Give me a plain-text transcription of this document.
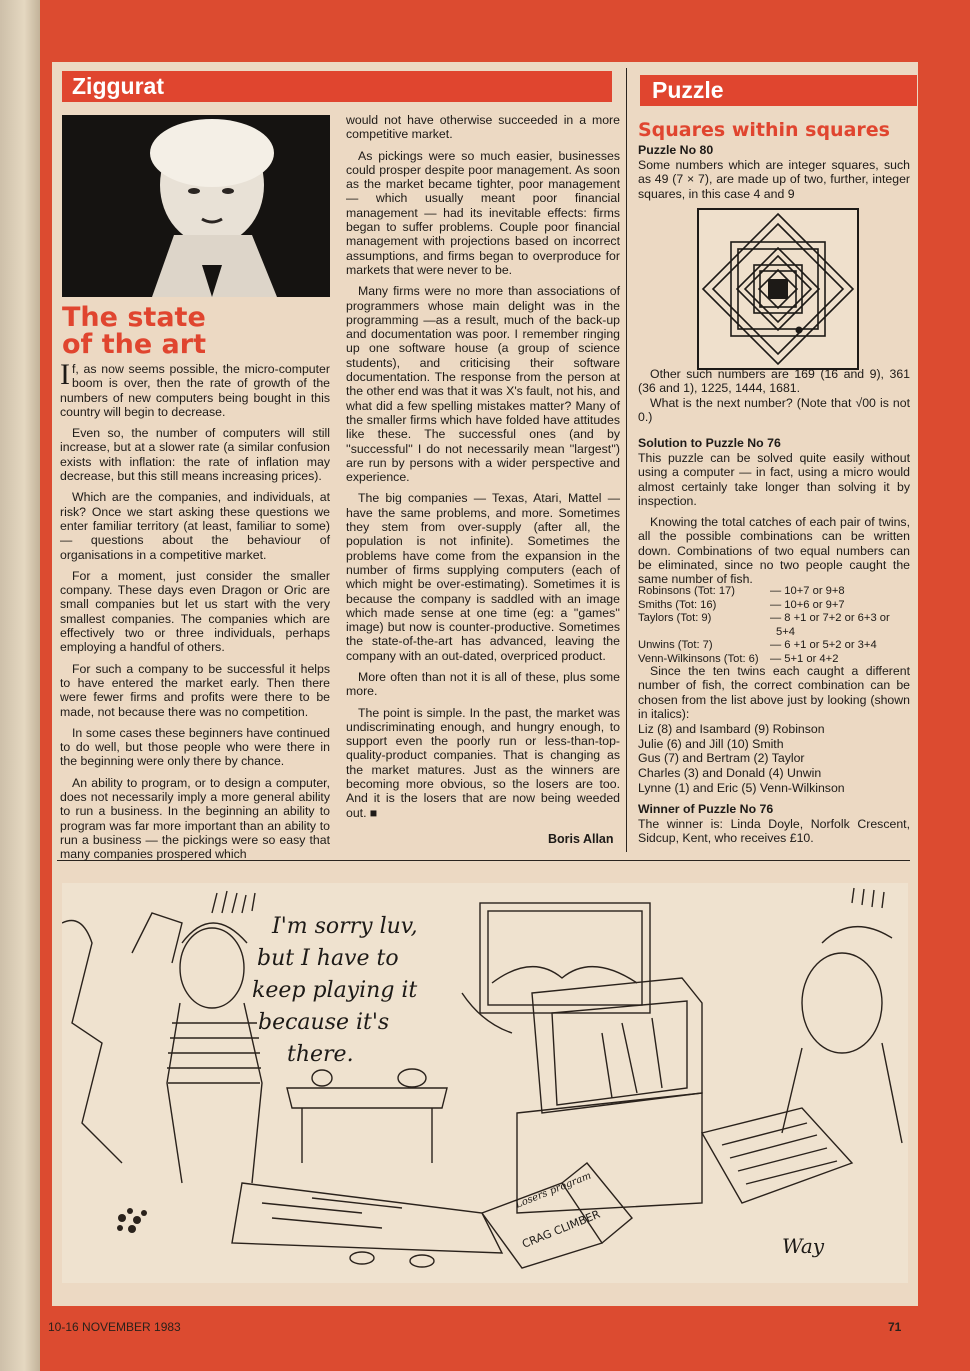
Ziggurat
The state
of the art

If, as now seems possible, the micro-computer boom is over, then the rate of growth of the numbers of new computers being bought in this country will begin to decrease.

Even so, the number of computers will still increase, but at a slower rate (a similar confusion exists with inflation: the rate of inflation may decrease, but this still means increasing prices).

Which are the companies, and individuals, at risk? Once we start asking these questions we enter familiar territory (at least, familiar to some) — questions about the behaviour of organisations in a competitive market.

For a moment, just consider the smaller company. These days even Dragon or Oric are small companies but let us start with the very smallest companies. The companies which are effectively two or three individuals, perhaps employing a handful of others.

For such a company to be successful it helps to have entered the market early. Then there were fewer firms and profits were there to be made, not because there was no competition.

In some cases these beginners have continued to do well, but those people who were there in the beginning were only there by chance.

An ability to program, or to design a computer, does not necessarily imply a more general ability to run a business. In the beginning an ability to program was far more important than an ability to run a business — the pickings were so easy that many companies prospered which

would not have otherwise succeeded in a more competitive market.

As pickings were so much easier, businesses could prosper despite poor management. As soon as the market became tighter, poor management — which usually meant poor financial management — had its inevitable effects: firms began to suffer problems. Couple poor financial management with projections based on incorrect assumptions, and firms began to overproduce for markets that were never to be.

Many firms were no more than associations of programmers whose main delight was in the programming —as a result, much of the back-up and documentation was poor. I remember ringing up one software house (a group of science students), and criticising their software documentation. The response from the person at the other end was that it was X's fault, not his, and what did a few spelling mistakes matter? Many of the smaller firms which have folded have attitudes like these. The successful ones (and by ''successful'' I do not necessarily mean ''largest'') are run by persons with a wider perspective and experience.

The big companies — Texas, Atari, Mattel — have the same problems, and more. Sometimes they stem from over-supply (after all, the population is not infinite). Sometimes the problems have come from the expansion in the number of firms supplying computers (each of which might be over-estimating). Sometimes it is because the company is saddled with an image which made sense at one time (eg: a ''games'' image) but now is counter-productive. Sometimes the state-of-the-art has advanced, leaving the company with an out-dated, overpriced product.

More often than not it is all of these, plus some more.

The point is simple. In the past, the market was undiscriminating enough, and hungry enough, to support even the poorly run or less-than-top-quality-product companies. That is changing as the market matures. Just as the winners are becoming more obvious, so the losers are too. And it is the losers that are now being weeded out. ■

Boris Allan
Puzzle
Squares within squares
Puzzle No 80

Some numbers which are integer squares, such as 49 (7 × 7), are made up of two, further, integer squares, in this case 4 and 9

Other such numbers are 169 (16 and 9), 361 (36 and 1), 1225, 1444, 1681.

What is the next number? (Note that √00 is not 0.)

Solution to Puzzle No 76

This puzzle can be solved quite easily without using a computer — in fact, using a micro would almost certainly take longer than solving it by inspection.

Knowing the total catches of each pair of twins, all the possible combinations can be written down. Combinations of two equal numbers can be eliminated, since no two people caught the same number of fish.

Robinsons (Tot: 17)	— 10+7 or 9+8
Smiths (Tot: 16)	— 10+6 or 9+7
Taylors (Tot: 9)	— 8 +1 or 7+2 or 6+3 or
5+4
Unwins (Tot: 7)	— 6 +1 or 5+2 or 3+4
Venn-Wilkinsons (Tot: 6) — 5+1 or 4+2

Since the ten twins each caught a different number of fish, the correct combination can be chosen from the list above just by looking (shown in italics):

Liz (8) and Isambard (9) Robinson
Julie (6) and Jill (10) Smith
Gus (7) and Bertram (2) Taylor
Charles (3) and Donald (4) Unwin
Lynne (1) and Eric (5) Venn-Wilkinson
Winner of Puzzle No 76

The winner is: Linda Doyle, Norfolk Crescent, Sidcup, Kent, who receives £10.

I'm sorry luv,
but I have to
keep playing it
because it's
there.
Losers program
CRAG CLIMBER	Way
10-16 NOVEMBER 1983	71
